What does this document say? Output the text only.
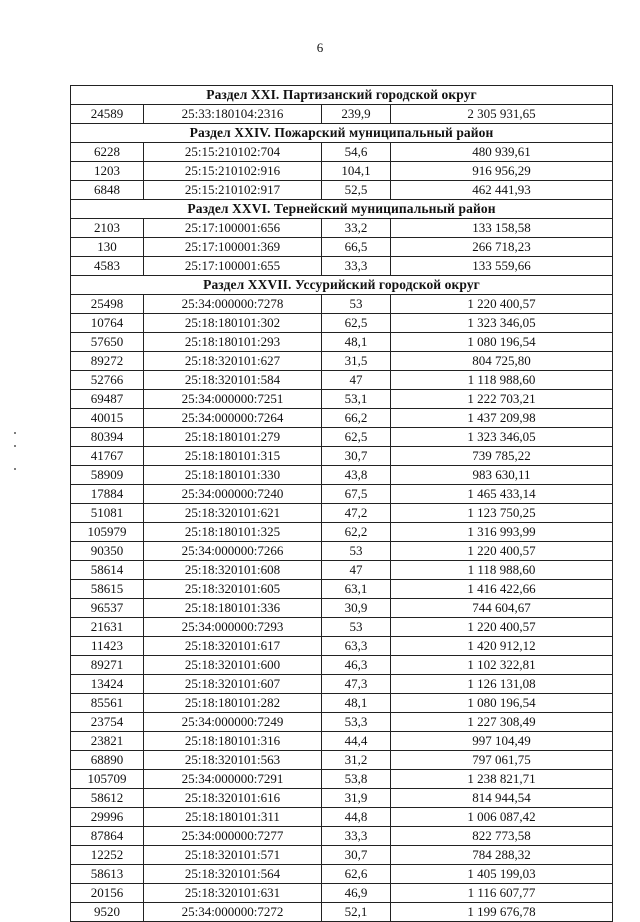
6
Раздел XXI. Партизанский городской округ			
24589	25:33:180104:2316	239,9	2 305 931,65
Раздел XXIV. Пожарский муниципальный район			
6228	25:15:210102:704	54,6	480 939,61
1203	25:15:210102:916	104,1	916 956,29
6848	25:15:210102:917	52,5	462 441,93
Раздел XXVI. Тернейский муниципальный район			
2103	25:17:100001:656	33,2	133 158,58
130	25:17:100001:369	66,5	266 718,23
4583	25:17:100001:655	33,3	133 559,66
Раздел XXVII. Уссурийский городской округ			
25498	25:34:000000:7278	53	1 220 400,57
10764	25:18:180101:302	62,5	1 323 346,05
57650	25:18:180101:293	48,1	1 080 196,54
89272	25:18:320101:627	31,5	804 725,80
52766	25:18:320101:584	47	1 118 988,60
69487	25:34:000000:7251	53,1	1 222 703,21
40015	25:34:000000:7264	66,2	1 437 209,98
80394	25:18:180101:279	62,5	1 323 346,05
41767	25:18:180101:315	30,7	739 785,22
58909	25:18:180101:330	43,8	983 630,11
17884	25:34:000000:7240	67,5	1 465 433,14
51081	25:18:320101:621	47,2	1 123 750,25
105979	25:18:180101:325	62,2	1 316 993,99
90350	25:34:000000:7266	53	1 220 400,57
58614	25:18:320101:608	47	1 118 988,60
58615	25:18:320101:605	63,1	1 416 422,66
96537	25:18:180101:336	30,9	744 604,67
21631	25:34:000000:7293	53	1 220 400,57
11423	25:18:320101:617	63,3	1 420 912,12
89271	25:18:320101:600	46,3	1 102 322,81
13424	25:18:320101:607	47,3	1 126 131,08
85561	25:18:180101:282	48,1	1 080 196,54
23754	25:34:000000:7249	53,3	1 227 308,49
23821	25:18:180101:316	44,4	997 104,49
68890	25:18:320101:563	31,2	797 061,75
105709	25:34:000000:7291	53,8	1 238 821,71
58612	25:18:320101:616	31,9	814 944,54
29996	25:18:180101:311	44,8	1 006 087,42
87864	25:34:000000:7277	33,3	822 773,58
12252	25:18:320101:571	30,7	784 288,32
58613	25:18:320101:564	62,6	1 405 199,03
20156	25:18:320101:631	46,9	1 116 607,77
9520	25:34:000000:7272	52,1	1 199 676,78
